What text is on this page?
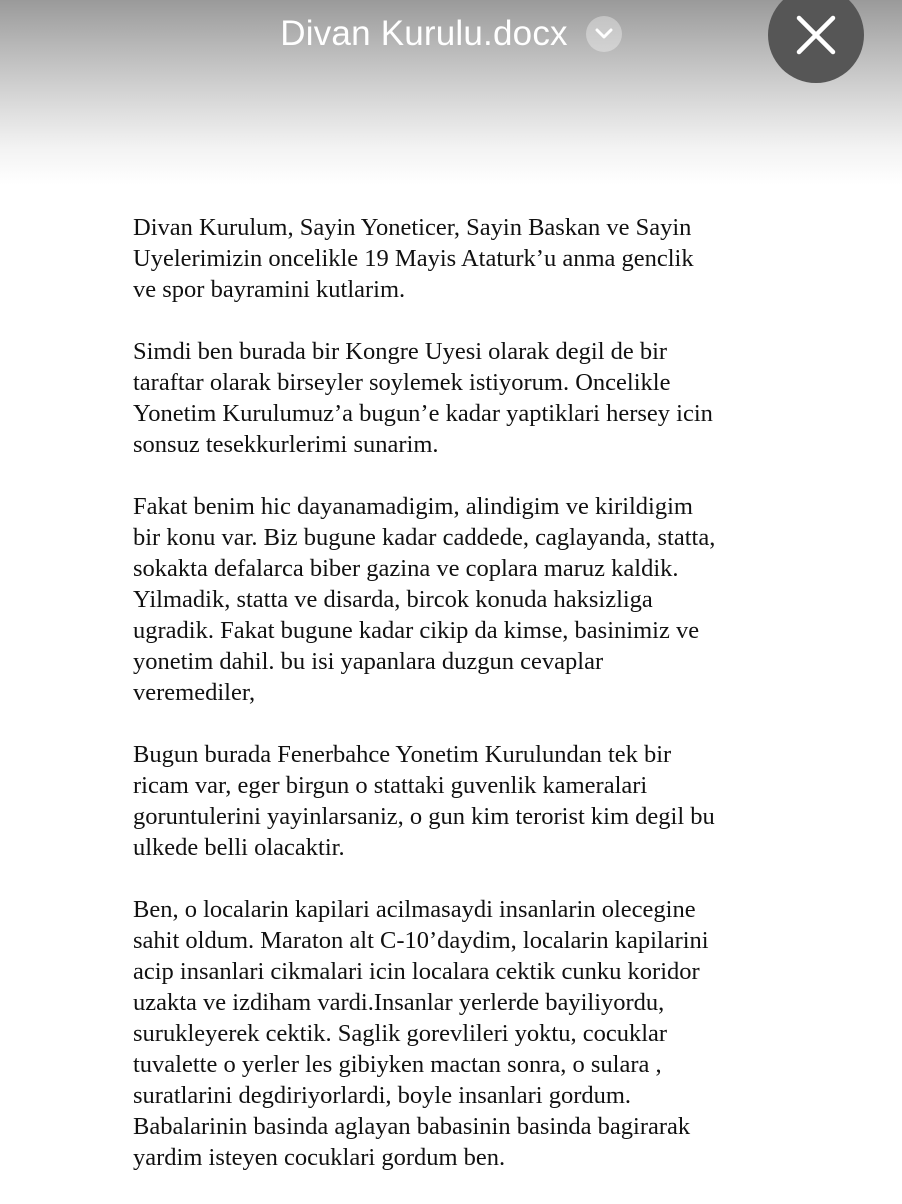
Divan Kurulu.docx

Divan Kurulum, Sayin Yoneticer, Sayin Baskan ve Sayin
Uyelerimizin oncelikle 19 Mayis Ataturk’u anma genclik
ve spor bayramini kutlarim.

Simdi ben burada bir Kongre Uyesi olarak degil de bir
taraftar olarak birseyler soylemek istiyorum. Oncelikle
Yonetim Kurulumuz’a bugun’e kadar yaptiklari hersey icin
sonsuz tesekkurlerimi sunarim.

Fakat benim hic dayanamadigim, alindigim ve kirildigim
bir konu var. Biz bugune kadar caddede, caglayanda, statta,
sokakta defalarca biber gazina ve coplara maruz kaldik.
Yilmadik, statta ve disarda, bircok konuda haksizliga
ugradik. Fakat bugune kadar cikip da kimse, basinimiz ve
yonetim dahil. bu isi yapanlara duzgun cevaplar
veremediler,

Bugun burada Fenerbahce Yonetim Kurulundan tek bir
ricam var, eger birgun o stattaki guvenlik kameralari
goruntulerini yayinlarsaniz, o gun kim terorist kim degil bu
ulkede belli olacaktir.

Ben, o localarin kapilari acilmasaydi insanlarin olecegine
sahit oldum. Maraton alt C-10’daydim, localarin kapilarini
acip insanlari cikmalari icin localara cektik cunku koridor
uzakta ve izdiham vardi.Insanlar yerlerde bayiliyordu,
surukleyerek cektik. Saglik gorevlileri yoktu, cocuklar
tuvalette o yerler les gibiyken mactan sonra, o sulara ,
suratlarini degdiriyorlardi, boyle insanlari gordum.
Babalarinin basinda aglayan babasinin basinda bagirarak
yardim isteyen cocuklari gordum ben.
